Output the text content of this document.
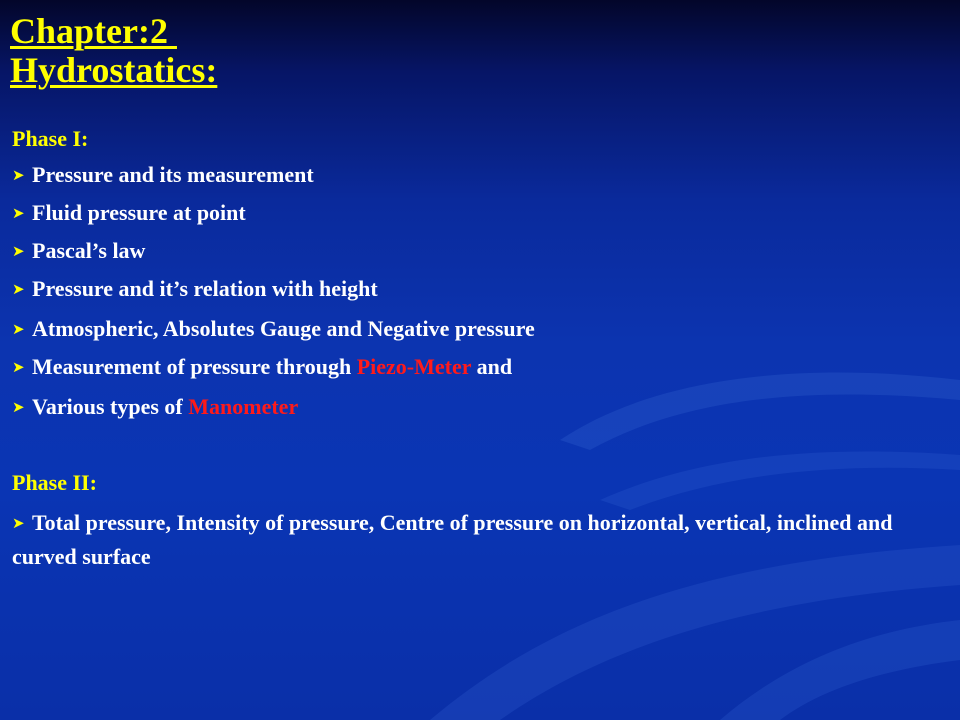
Chapter:2
Hydrostatics:
Phase I:
➤ Pressure and its measurement
➤ Fluid pressure at point
➤ Pascal’s law
➤ Pressure and it’s relation with height
➤ Atmospheric, Absolutes Gauge and Negative pressure
➤ Measurement of pressure through Piezo-Meter and
➤ Various types of Manometer
Phase II:
➤ Total pressure, Intensity of pressure, Centre of pressure on horizontal, vertical, inclined and curved surface
